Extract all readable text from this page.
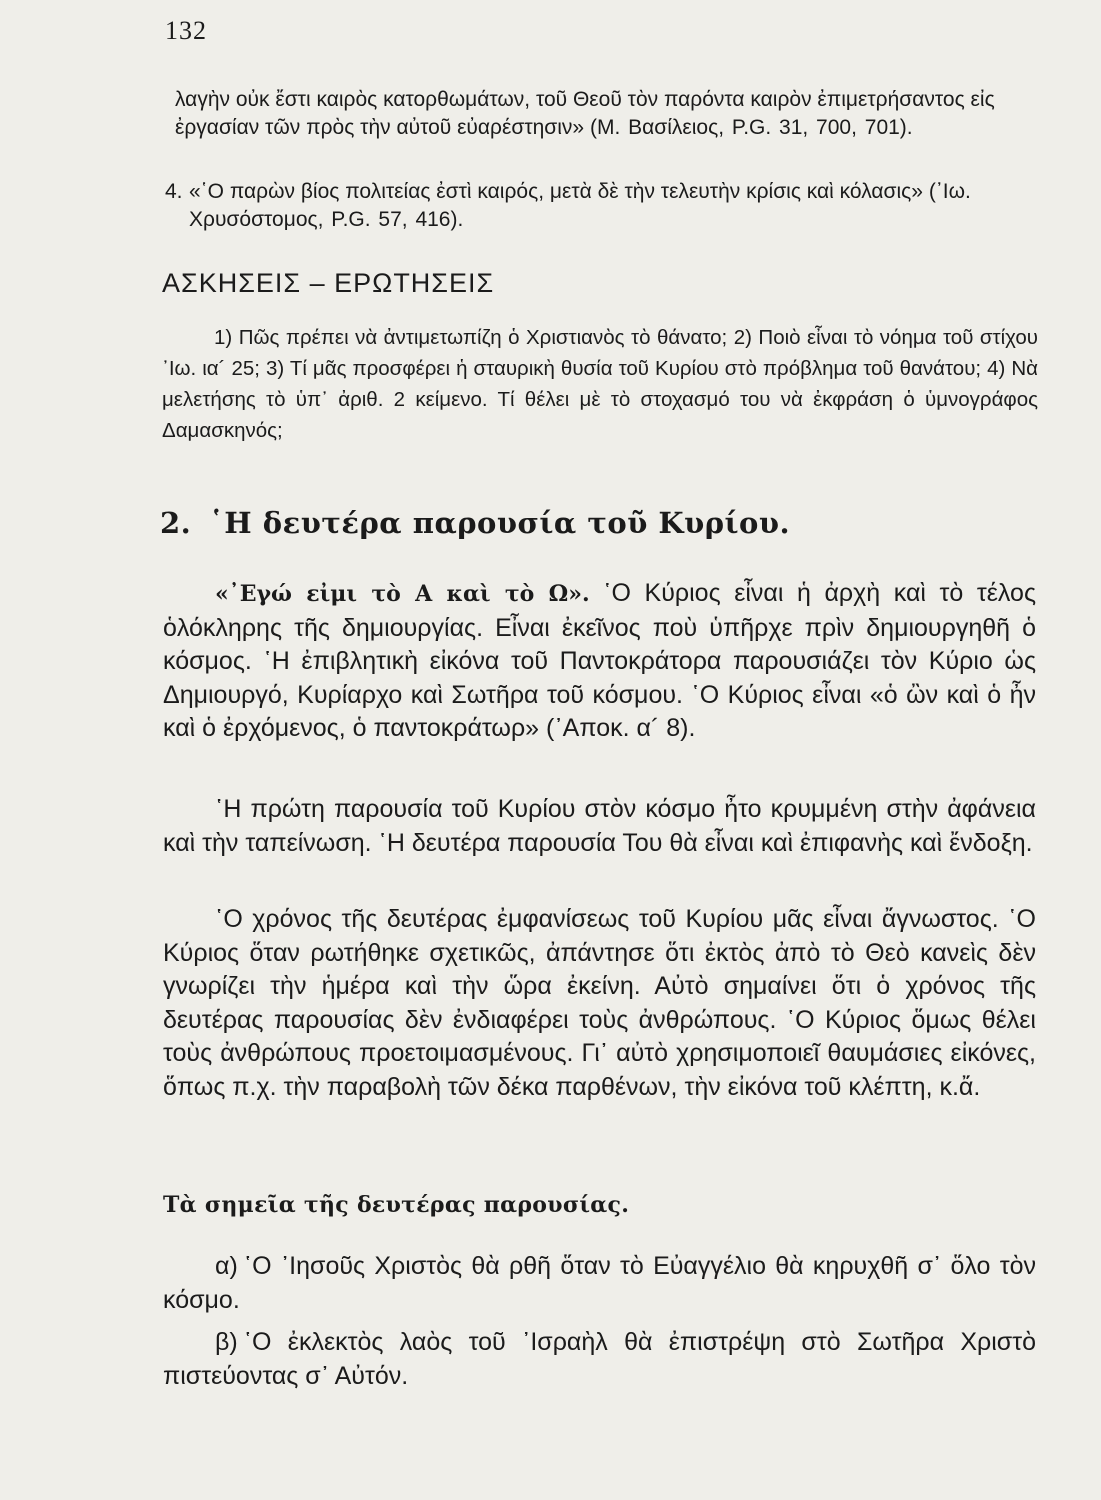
132
λαγὴν οὐκ ἔστι καιρὸς κατορθωμάτων, τοῦ Θεοῦ τὸν παρόντα καιρὸν ἐπιμετρήσαντος εἰς ἐργασίαν τῶν πρὸς τὴν αὐτοῦ εὐαρέστησιν» (Μ. Βασίλειος, P.G. 31, 700, 701).
4. «῾Ο παρὼν βίος πολιτείας ἐστὶ καιρός, μετὰ δὲ τὴν τελευτὴν κρίσις καὶ κόλασις» (᾿Ιω. Χρυσόστομος, P.G. 57, 416).
ΑΣΚΗΣΕΙΣ – ΕΡΩΤΗΣΕΙΣ

1) Πῶς πρέπει νὰ ἀντιμετωπίζη ὁ Χριστιανὸς τὸ θάνατο; 2) Ποιὸ εἶναι τὸ νόημα τοῦ στίχου ᾿Ιω. ια´ 25; 3) Τί μᾶς προσφέρει ἡ σταυρικὴ θυσία τοῦ Κυρίου στὸ πρόβλημα τοῦ θανάτου; 4) Νὰ μελετήσης τὸ ὑπ᾿ ἀριθ. 2 κείμενο. Τί θέλει μὲ τὸ στοχασμό του νὰ ἐκφράση ὁ ὑμνογράφος Δαμασκηνός;

2. ῾Η δευτέρα παρουσία τοῦ Κυρίου.

«᾿Εγώ εἰμι τὸ Α καὶ τὸ Ω». ῾Ο Κύριος εἶναι ἡ ἀρχὴ καὶ τὸ τέλος ὁλόκληρης τῆς δημιουργίας. Εἶναι ἐκεῖνος ποὺ ὑπῆρχε πρὶν δημιουργηθῆ ὁ κόσμος. ῾Η ἐπιβλητικὴ εἰκόνα τοῦ Παντοκράτορα παρουσιάζει τὸν Κύριο ὡς Δημιουργό, Κυρίαρχο καὶ Σωτῆρα τοῦ κόσμου. ῾Ο Κύριος εἶναι «ὁ ὢν καὶ ὁ ἦν καὶ ὁ ἐρχόμενος, ὁ παντοκράτωρ» (᾿Αποκ. α´ 8).

῾Η πρώτη παρουσία τοῦ Κυρίου στὸν κόσμο ἦτο κρυμμένη στὴν ἀφάνεια καὶ τὴν ταπείνωση. ῾Η δευτέρα παρουσία Του θὰ εἶναι καὶ ἐπιφανὴς καὶ ἔνδοξη.

῾Ο χρόνος τῆς δευτέρας ἐμφανίσεως τοῦ Κυρίου μᾶς εἶναι ἄγνωστος. ῾Ο Κύριος ὅταν ρωτήθηκε σχετικῶς, ἀπάντησε ὅτι ἐκτὸς ἀπὸ τὸ Θεὸ κανεὶς δὲν γνωρίζει τὴν ἡμέρα καὶ τὴν ὥρα ἐκείνη. Αὐτὸ σημαίνει ὅτι ὁ χρόνος τῆς δευτέρας παρουσίας δὲν ἐνδιαφέρει τοὺς ἀνθρώπους. ῾Ο Κύριος ὅμως θέλει τοὺς ἀνθρώπους προετοιμασμένους. Γι᾿ αὐτὸ χρησιμοποιεῖ θαυμάσιες εἰκόνες, ὅπως π.χ. τὴν παραβολὴ τῶν δέκα παρθένων, τὴν εἰκόνα τοῦ κλέπτη, κ.ἄ.

Τὰ σημεῖα τῆς δευτέρας παρουσίας.

α) ῾Ο ᾿Ιησοῦς Χριστὸς θὰ ρθῆ ὅταν τὸ Εὐαγγέλιο θὰ κηρυχθῆ σ᾿ ὅλο τὸν κόσμο.

β) ῾Ο ἐκλεκτὸς λαὸς τοῦ ᾿Ισραὴλ θὰ ἐπιστρέψη στὸ Σωτῆρα Χριστὸ πιστεύοντας σ᾿ Αὐτόν.
